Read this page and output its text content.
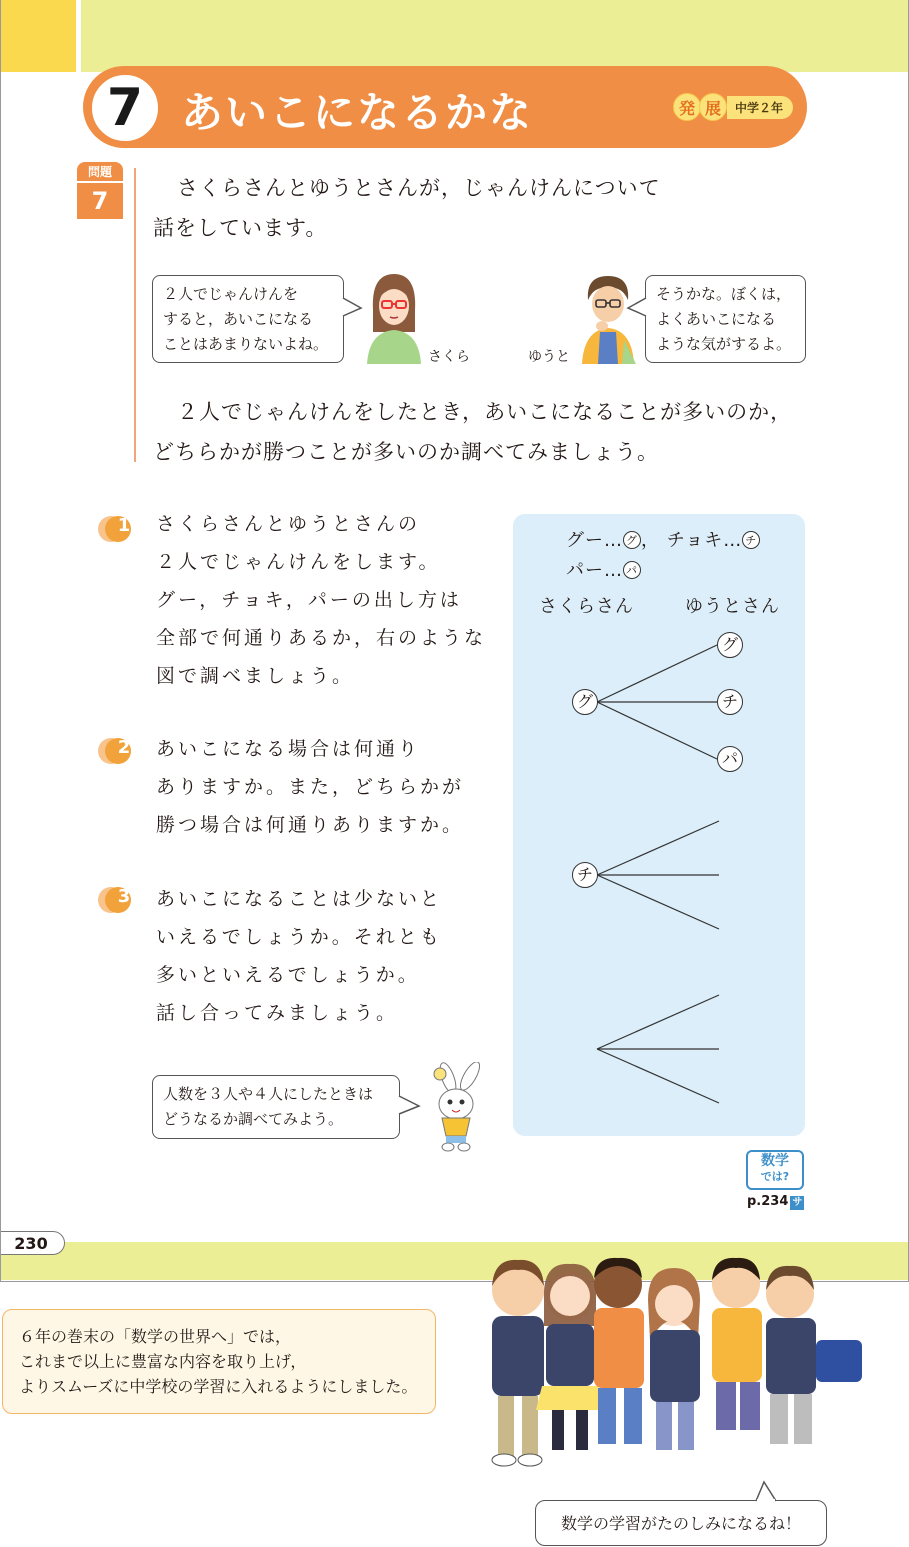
7 あいこになるかな	発 展	中学２年
問題
7	さくらさんとゆうとさんが，じゃんけんについて
話をしています。
２人でじゃんけんを
すると，あいこになる
ことはあまりないよね。
さくら	ゆうと
そうかな。ぼくは，
よくあいこになる
ような気がするよ。
２人でじゃんけんをしたとき，あいこになることが多いのか，
どちらかが勝つことが多いのか調べてみましょう。
1	さくらさんとゆうとさんの
２人でじゃんけんをします。
グー，チョキ，パーの出し方は
全部で何通りあるか，右のような
図で調べましょう。
2	あいこになる場合は何通り
ありますか。また，どちらかが
勝つ場合は何通りありますか。
3	あいこになることは少ないと
いえるでしょうか。それとも
多いといえるでしょうか。
話し合ってみましょう。
人数を３人や４人にしたときは
どうなるか調べてみよう。
グー… グ ， チョキ… チ
パー… パ
さくらさん	ゆうとさん
グ
グ
チ
パ
チ
数学
では?
p.234 サ
230
６年の巻末の「数学の世界へ」では，
これまで以上に豊富な内容を取り上げ，
よりスムーズに中学校の学習に入れるようにしました。
数学の学習がたのしみになるね！
